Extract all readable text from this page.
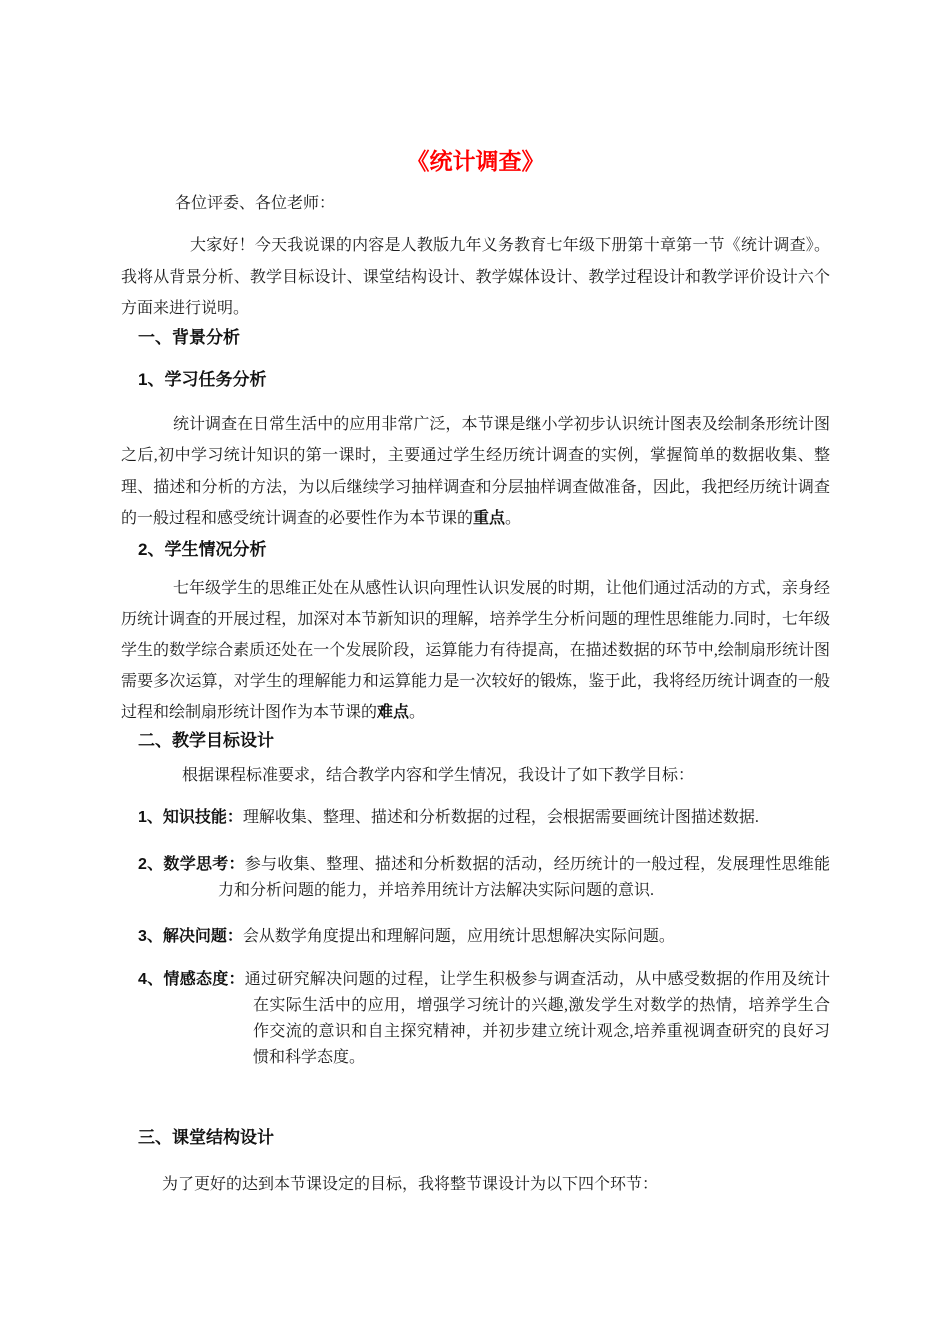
《统计调查》

各位评委、各位老师：

大家好！今天我说课的内容是人教版九年义务教育七年级下册第十章第一节《统计调查》。我将从背景分析、教学目标设计、课堂结构设计、教学媒体设计、教学过程设计和教学评价设计六个方面来进行说明。

一、背景分析
1、学习任务分析

统计调查在日常生活中的应用非常广泛，本节课是继小学初步认识统计图表及绘制条形统计图之后,初中学习统计知识的第一课时，主要通过学生经历统计调查的实例，掌握简单的数据收集、整理、描述和分析的方法，为以后继续学习抽样调查和分层抽样调查做准备，因此，我把经历统计调查的一般过程和感受统计调查的必要性作为本节课的重点。

2、学生情况分析

七年级学生的思维正处在从感性认识向理性认识发展的时期，让他们通过活动的方式，亲身经历统计调查的开展过程，加深对本节新知识的理解，培养学生分析问题的理性思维能力.同时，七年级学生的数学综合素质还处在一个发展阶段，运算能力有待提高，在描述数据的环节中,绘制扇形统计图需要多次运算，对学生的理解能力和运算能力是一次较好的锻炼，鉴于此，我将经历统计调查的一般过程和绘制扇形统计图作为本节课的难点。

二、教学目标设计

根据课程标准要求，结合教学内容和学生情况，我设计了如下教学目标：

1、知识技能：理解收集、整理、描述和分析数据的过程，会根据需要画统计图描述数据.

2、数学思考：参与收集、整理、描述和分析数据的活动，经历统计的一般过程，发展理性思维能力和分析问题的能力，并培养用统计方法解决实际问题的意识.

3、解决问题：会从数学角度提出和理解问题，应用统计思想解决实际问题。

4、情感态度：通过研究解决问题的过程，让学生积极参与调查活动，从中感受数据的作用及统计在实际生活中的应用，增强学习统计的兴趣,激发学生对数学的热情，培养学生合作交流的意识和自主探究精神，并初步建立统计观念,培养重视调查研究的良好习惯和科学态度。

三、课堂结构设计

为了更好的达到本节课设定的目标，我将整节课设计为以下四个环节：
